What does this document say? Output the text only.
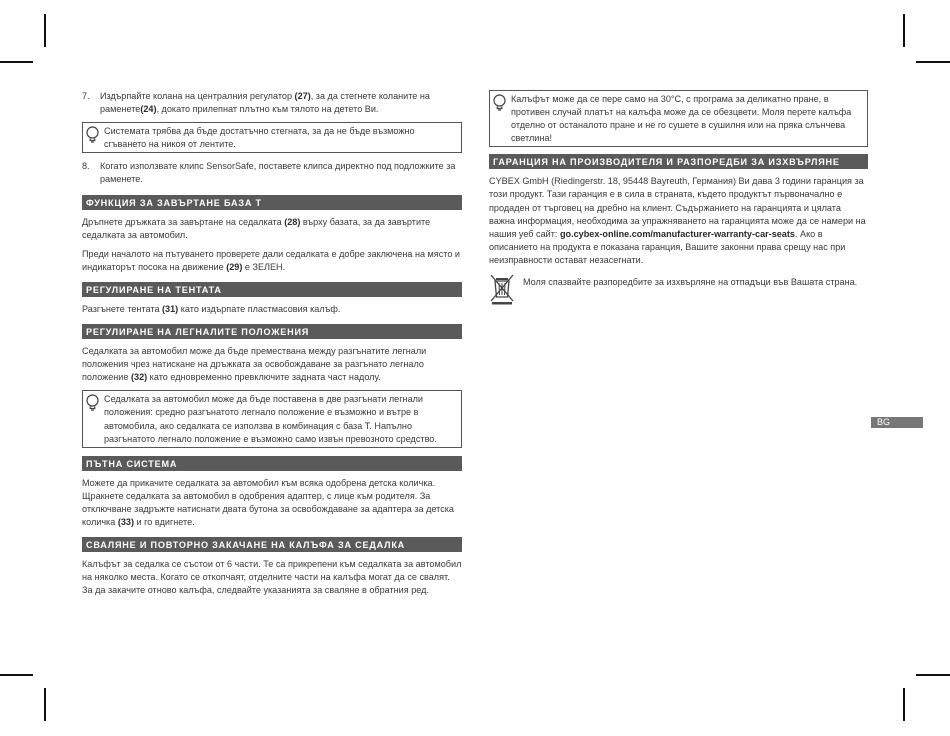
7.	Издърпайте колана на централния регулатор (27), за да стегнете коланите на раменете(24), докато прилепнат плътно към тялото на детето Ви.
Системата трябва да бъде достатъчно стегната, за да не бъде възможно сгъването на никоя от лентите.
8.	Когато използвате клипс SensorSafe, поставете клипса директно под подложките за раменете.
ФУНКЦИЯ ЗА ЗАВЪРТАНЕ БАЗА Т

Дръпнете дръжката за завъртане на седалката (28) върху базата, за да завъртите седалката за автомобил.

Преди началото на пътуването проверете дали седалката е добре заключена на място и индикаторът посока на движение (29) е ЗЕЛЕН.

РЕГУЛИРАНЕ НА ТЕНТАТА

Разгънете тентата (31) като издърпате пластмасовия калъф.

РЕГУЛИРАНЕ НА ЛЕГНАЛИТЕ ПОЛОЖЕНИЯ

Седалката за автомобил може да бъде премествана между разгънатите легнали положения чрез натискане на дръжката за освобождаване за разгънато легнало положение (32) като едновременно превключите задната част надолу.

Седалката за автомобил може да бъде поставена в две разгънати легнали положения: средно разгънатото легнало положение е възможно и вътре в автомобила, ако седалката се използва в комбинация с база Т. Напълно разгънатото легнало положение е възможно само извън превозното средство.
ПЪТНА СИСТЕМА

Можете да прикачите седалката за автомобил към всяка одобрена детска количка. Щракнете седалката за автомобил в одобрения адаптер, с лице към родителя. За отключване задръжте натиснати двата бутона за освобождаване за адаптера за детска количка (33) и го вдигнете.

СВАЛЯНЕ И ПОВТОРНО ЗАКАЧАНЕ НА КАЛЪФА ЗА СЕДАЛКА

Калъфът за седалка се състои от 6 части. Те са прикрепени към седалката за автомобил на няколко места. Когато се откопчаят, отделните части на калъфа могат да се свалят. За да закачите отново калъфа, следвайте указанията за сваляне в обратния ред.

Калъфът може да се пере само на 30°C, с програма за деликатно пране, в противен случай платът на калъфа може да се обезцвети. Моля перете калъфа отделно от останалото пране и не го сушете в сушилня или на пряка слънчева светлина!
ГАРАНЦИЯ НА ПРОИЗВОДИТЕЛЯ И РАЗПОРЕДБИ ЗА ИЗХВЪРЛЯНЕ

CYBEX GmbH (Riedingerstr. 18, 95448 Bayreuth, Германия) Ви дава 3 години гаранция за този продукт. Тази гаранция е в сила в страната, където продуктът първоначално е продаден от търговец на дребно на клиент. Съдържанието на гаранцията и цялата важна информация, необходима за упражняването на гаранцията може да се намери на нашия уеб сайт: go.cybex-online.com/manufacturer-warranty-car-seats. Ако в описанието на продукта е показана гаранция, Вашите законни права срещу нас при неизправности остават незасегнати.

Моля спазвайте разпоредбите за изхвърляне на отпадъци във Вашата страна.
BG
